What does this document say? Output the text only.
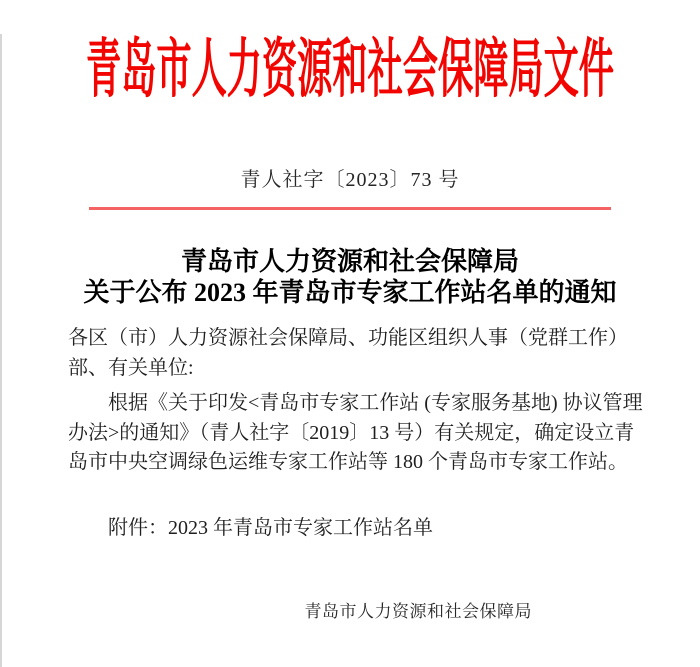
青岛市人力资源和社会保障局文件
青人社字〔2023〕73 号
青岛市人力资源和社会保障局
关于公布 2023 年青岛市专家工作站名单的通知
各区（市）人力资源社会保障局、功能区组织人事（党群工作）
部、有关单位:
根据《关于印发<青岛市专家工作站 (专家服务基地) 协议管理
办法>的通知》（青人社字〔2019〕13 号）有关规定，确定设立青
岛市中央空调绿色运维专家工作站等 180 个青岛市专家工作站。
附件：2023 年青岛市专家工作站名单
青岛市人力资源和社会保障局
